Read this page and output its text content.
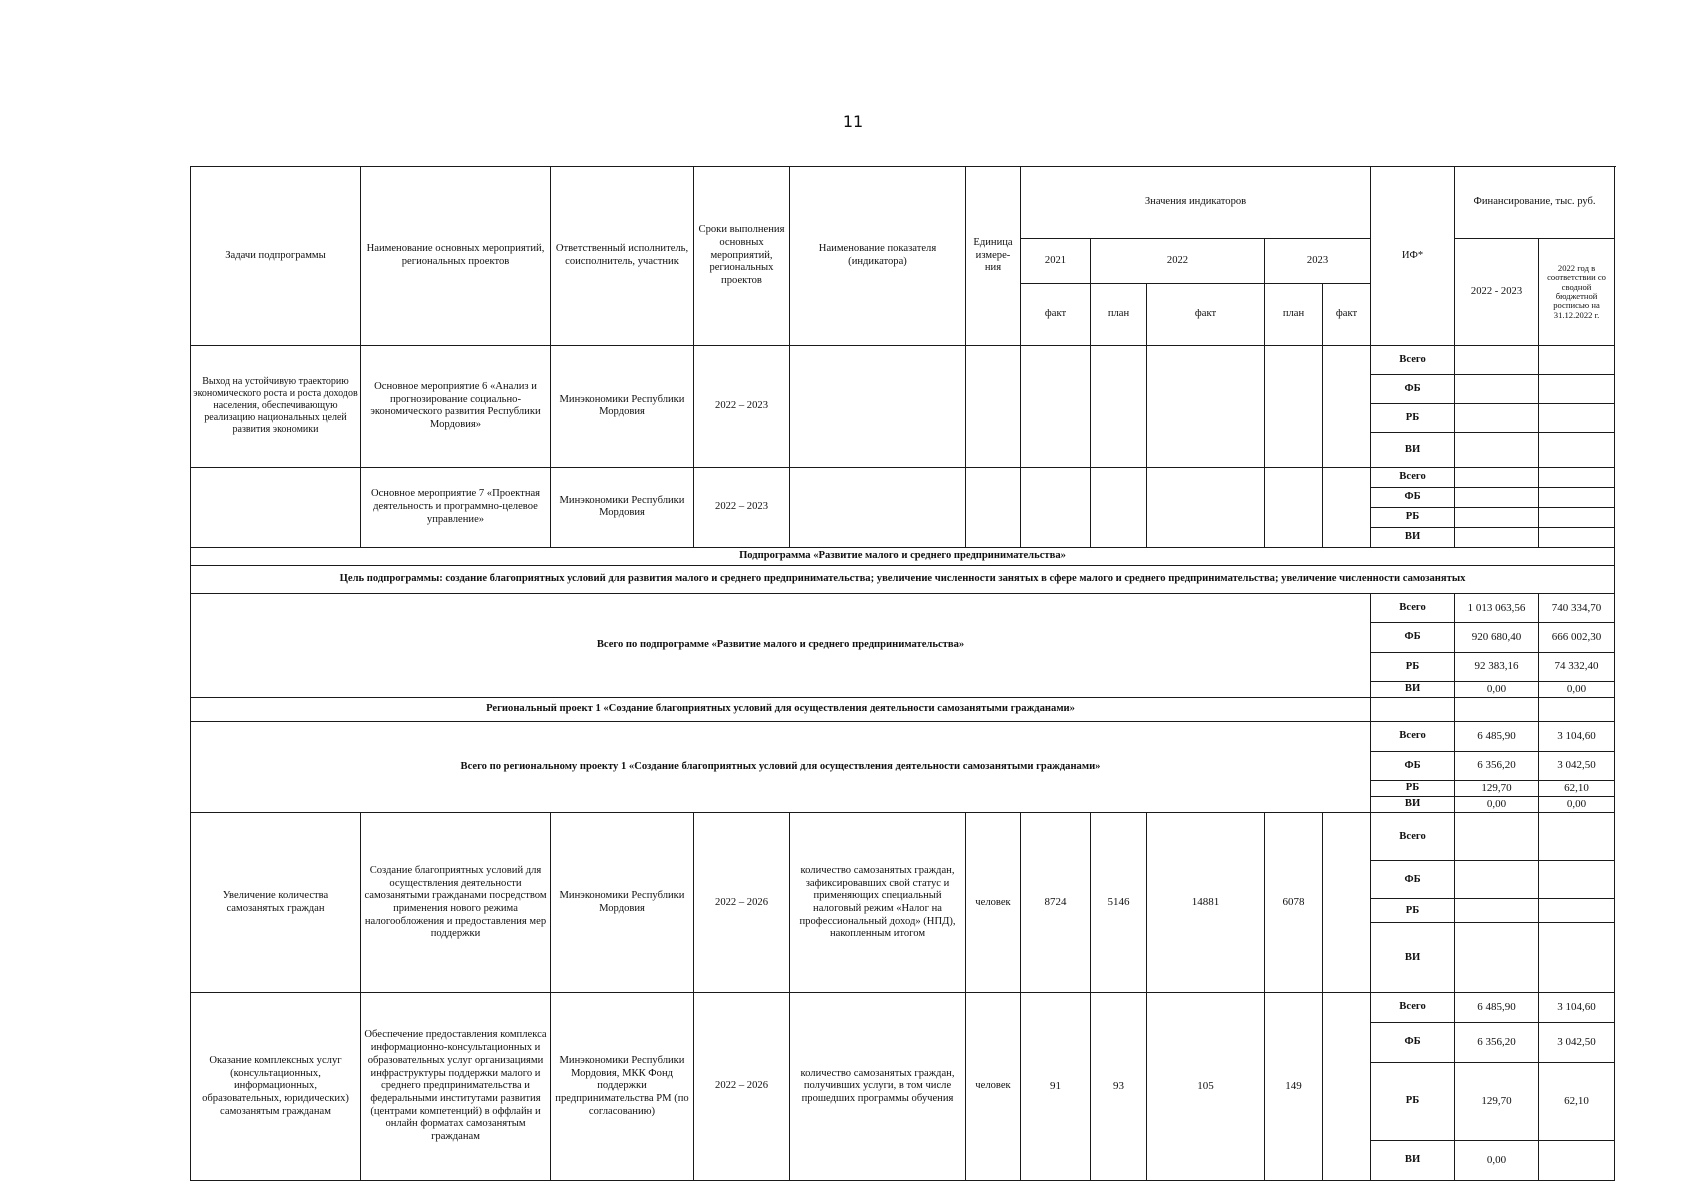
11
Задачи подпрограммы	Наименование основных мероприятий, региональных проектов	Ответственный исполнитель, соисполнитель, участник	Сроки выполнения основных мероприятий, региональных проектов	Наименование показателя (индикатора)	Единица измере-ния	Значения индикаторов					ИФ*	Финансирование, тыс. руб.		
						2021	2022		2023			2022 - 2023	2022 год в соответствии со сводной бюджетной росписью на 31.12.2022 г.	
						факт	план	факт	план	факт				
Выход на устойчивую траекторию экономического роста и роста доходов населения, обеспечивающую реализацию национальных целей развития экономики	Основное мероприятие 6 «Анализ и прогнозирование социально-экономического развития Республики Мордовия»	Минэкономики Республики Мордовия	2022 – 2023								Всего			
											ФБ			
											РБ			
											ВИ			
	Основное мероприятие 7 «Проектная деятельность и программно-целевое управление»	Минэкономики Республики Мордовия	2022 – 2023								Всего			
											ФБ			
											РБ			
											ВИ			
Подпрограмма «Развитие малого и среднего предпринимательства»														
Цель подпрограммы: создание благоприятных условий для развития малого и среднего предпринимательства; увеличение численности занятых в сфере малого и среднего предпринимательства; увеличение численности самозанятых														
Всего по подпрограмме «Развитие малого и среднего предпринимательства»											Всего	1 013 063,56	740 334,70	
											ФБ	920 680,40	666 002,30	
											РБ	92 383,16	74 332,40	
											ВИ	0,00	0,00	
Региональный проект 1 «Создание благоприятных условий для осуществления деятельности самозанятыми гражданами»														
Всего по региональному проекту 1 «Создание благоприятных условий для осуществления деятельности самозанятыми гражданами»											Всего	6 485,90	3 104,60	
											ФБ	6 356,20	3 042,50	
											РБ	129,70	62,10	
											ВИ	0,00	0,00	
Увеличение количества самозанятых граждан	Создание благоприятных условий для осуществления деятельности самозанятыми гражданами посредством применения нового режима налогообложения и предоставления мер поддержки	Минэкономики Республики Мордовия	2022 – 2026	количество самозанятых граждан, зафиксировавших свой статус и применяющих специальный налоговый режим «Налог на профессиональный доход» (НПД), накопленным итогом	человек	8724	5146	14881	6078		Всего			
											ФБ			
											РБ			
											ВИ			
Оказание комплексных услуг (консультационных, информационных, образовательных, юридических) самозанятым гражданам	Обеспечение предоставления комплекса информационно-консультационных и образовательных услуг организациями инфраструктуры поддержки малого и среднего предпринимательства и федеральными институтами развития (центрами компетенций) в оффлайн и онлайн форматах самозанятым гражданам	Минэкономики Республики Мордовия, МКК Фонд поддержки предпринимательства РМ (по согласованию)	2022 – 2026	количество самозанятых граждан, получивших услуги, в том числе прошедших программы обучения	человек	91	93	105	149		Всего	6 485,90	3 104,60	
											ФБ	6 356,20	3 042,50	
											РБ	129,70	62,10	
											ВИ	0,00		
